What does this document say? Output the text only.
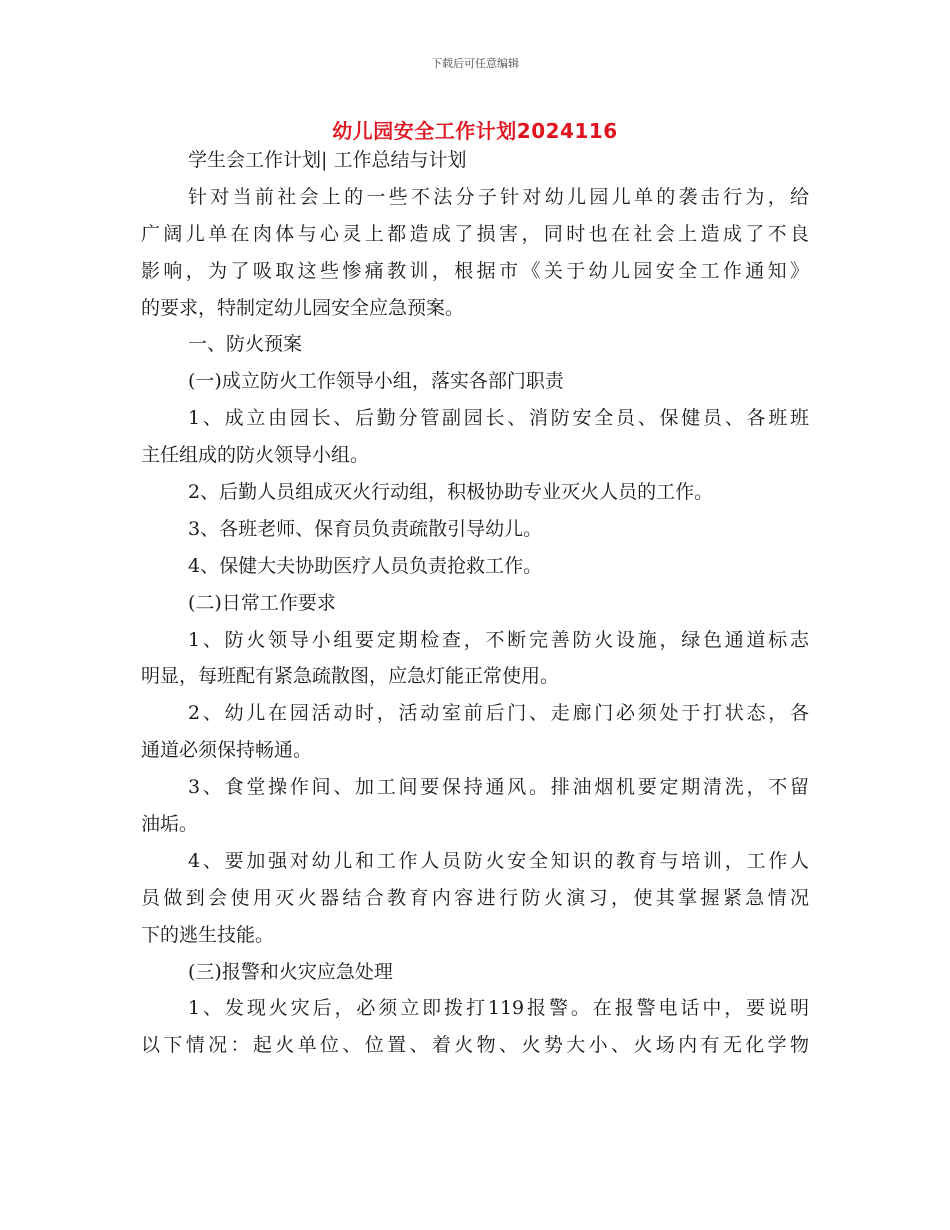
下载后可任意编辑
幼儿园安全工作计划2024116
学生会工作计划| 工作总结与计划
针对当前社会上的一些不法分子针对幼儿园儿单的袭击行为，给
广阔儿单在肉体与心灵上都造成了损害，同时也在社会上造成了不良
影响，为了吸取这些惨痛教训，根据市《关于幼儿园安全工作通知》
的要求，特制定幼儿园安全应急预案。
一、防火预案
(一)成立防火工作领导小组，落实各部门职责
1、成立由园长、后勤分管副园长、消防安全员、保健员、各班班
主任组成的防火领导小组。
2、后勤人员组成灭火行动组，积极协助专业灭火人员的工作。
3、各班老师、保育员负责疏散引导幼儿。
4、保健大夫协助医疗人员负责抢救工作。
(二)日常工作要求
1、防火领导小组要定期检查，不断完善防火设施，绿色通道标志
明显，每班配有紧急疏散图，应急灯能正常使用。
2、幼儿在园活动时，活动室前后门、走廊门必须处于打状态，各
通道必须保持畅通。
3、食堂操作间、加工间要保持通风。排油烟机要定期清洗，不留
油垢。
4、要加强对幼儿和工作人员防火安全知识的教育与培训，工作人
员做到会使用灭火器结合教育内容进行防火演习，使其掌握紧急情况
下的逃生技能。
(三)报警和火灾应急处理
1、发现火灾后，必须立即拨打119报警。在报警电话中，要说明
以下情况：起火单位、位置、着火物、火势大小、火场内有无化学物
